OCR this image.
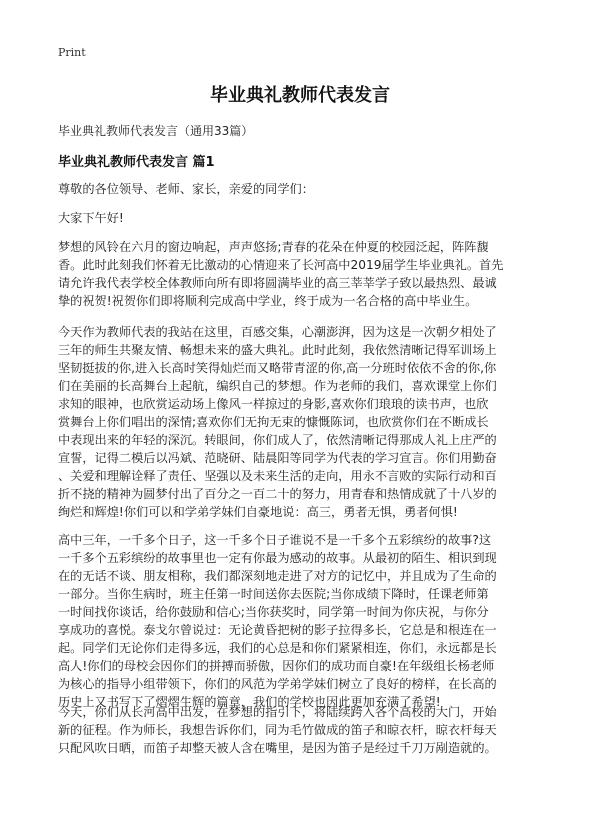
Print
毕业典礼教师代表发言
毕业典礼教师代表发言（通用33篇）
毕业典礼教师代表发言 篇1
尊敬的各位领导、老师、家长，亲爱的同学们：
大家下午好!
梦想的风铃在六月的窗边响起，声声悠扬;青春的花朵在仲夏的校园泛起，阵阵馥
香。此时此刻我们怀着无比激动的心情迎来了长河高中2019届学生毕业典礼。首先
请允许我代表学校全体教师向所有即将圆满毕业的高三莘莘学子致以最热烈、最诚
挚的祝贺!祝贺你们即将顺利完成高中学业，终于成为一名合格的高中毕业生。
今天作为教师代表的我站在这里，百感交集，心潮澎湃，因为这是一次朝夕相处了
三年的师生共聚友情、畅想未来的盛大典礼。此时此刻，我依然清晰记得军训场上
坚韧挺拔的你,进入长高时笑得灿烂而又略带青涩的你,高一分班时依依不舍的你,你
们在美丽的长高舞台上起航，编织自己的梦想。作为老师的我们，喜欢课堂上你们
求知的眼神，也欣赏运动场上像风一样掠过的身影,喜欢你们琅琅的读书声，也欣
赏舞台上你们唱出的深情;喜欢你们无拘无束的慷慨陈词，也欣赏你们在不断成长
中表现出来的年轻的深沉。转眼间，你们成人了，依然清晰记得那成人礼上庄严的
宣誓，记得二模后以冯斌、范晓研、陆晨阳等同学为代表的学习宣言。你们用勤奋
、关爱和理解诠释了责任、坚强以及未来生活的走向，用永不言败的实际行动和百
折不挠的精神为圆梦付出了百分之一百二十的努力，用青春和热情成就了十八岁的
绚烂和辉煌!你们可以和学弟学妹们自豪地说：高三，勇者无惧，勇者何惧!
高中三年，一千多个日子，这一千多个日子谁说不是一千多个五彩缤纷的故事?这
一千多个五彩缤纷的故事里也一定有你最为感动的故事。从最初的陌生、相识到现
在的无话不谈、朋友相称，我们都深刻地走进了对方的记忆中，并且成为了生命的
一部分。当你生病时，班主任第一时间送你去医院;当你成绩下降时，任课老师第
一时间找你谈话，给你鼓励和信心;当你获奖时，同学第一时间为你庆祝，与你分
享成功的喜悦。泰戈尔曾说过：无论黄昏把树的影子拉得多长，它总是和根连在一
起。同学们无论你们走得多远，我们的心总是和你们紧紧相连，你们，永远都是长
高人!你们的母校会因你们的拼搏而骄傲，因你们的成功而自豪!在年级组长杨老师
为核心的指导小组带领下，你们的风范为学弟学妹们树立了良好的榜样，在长高的
历史上又书写下了熠熠生辉的篇章，我们的学校也因此更加充满了希望!
今天，你们从长河高中出发，在梦想的指引下，将陆续跨入各个高校的大门，开始
新的征程。作为师长，我想告诉你们，同为毛竹做成的笛子和晾衣杆，晾衣杆每天
只配风吹日晒，而笛子却整天被人含在嘴里，是因为笛子是经过千刀万剐造就的。
